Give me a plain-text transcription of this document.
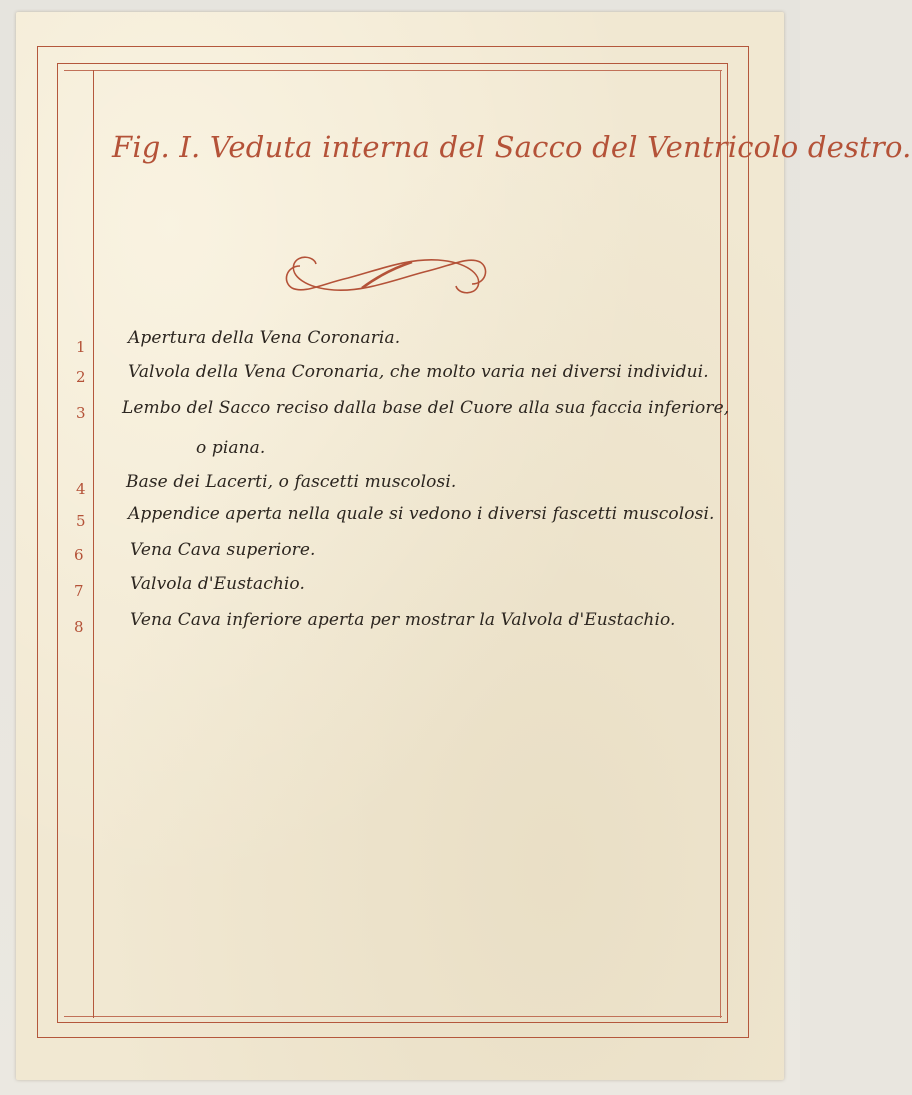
Fig. I. Veduta interna del Sacco del Ventricolo destro.
1	Apertura della Vena Coronaria.
2	Valvola della Vena Coronaria, che molto varia nei diversi individui.
3	Lembo del Sacco reciso dalla base del Cuore alla sua faccia inferiore,
o piana.
4	Base dei Lacerti, o fascetti muscolosi.
5	Appendice aperta nella quale si vedono i diversi fascetti muscolosi.
6	Vena Cava superiore.
7	Valvola d'Eustachio.
8	Vena Cava inferiore aperta per mostrar la Valvola d'Eustachio.
